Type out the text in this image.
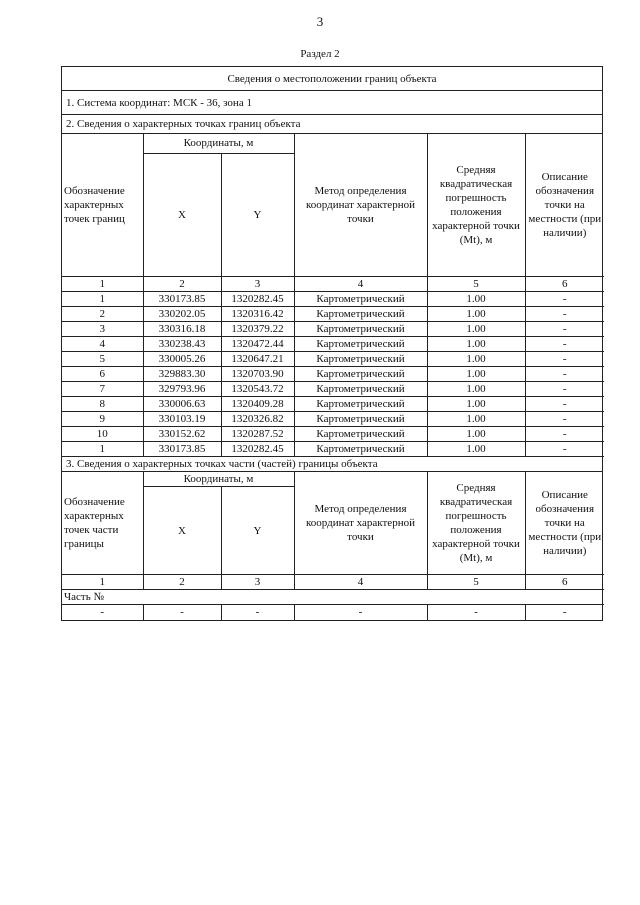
3
Раздел 2
Сведения о местоположении границ объекта
1. Система координат: МСК - 36, зона 1
2. Сведения о характерных точках границ объекта
Обозначение характерных точек границ	Координаты, м		Метод определения координат характерной точки	Средняя квадратическая погрешность положения характерной точки (Mt), м	Описание обозначения точки на местности (при наличии)
	X	Y			
1	2	3	4	5	6
1	330173.85	1320282.45	Картометрический	1.00	-
2	330202.05	1320316.42	Картометрический	1.00	-
3	330316.18	1320379.22	Картометрический	1.00	-
4	330238.43	1320472.44	Картометрический	1.00	-
5	330005.26	1320647.21	Картометрический	1.00	-
6	329883.30	1320703.90	Картометрический	1.00	-
7	329793.96	1320543.72	Картометрический	1.00	-
8	330006.63	1320409.28	Картометрический	1.00	-
9	330103.19	1320326.82	Картометрический	1.00	-
10	330152.62	1320287.52	Картометрический	1.00	-
1	330173.85	1320282.45	Картометрический	1.00	-
3. Сведения о характерных точках части (частей) границы объекта
Обозначение характерных точек части границы	Координаты, м		Метод определения координат характерной точки	Средняя квадратическая погрешность положения характерной точки (Mt), м	Описание обозначения точки на местности (при наличии)
	X	Y			
1	2	3	4	5	6
Часть №					
-	-	-	-	-	-
